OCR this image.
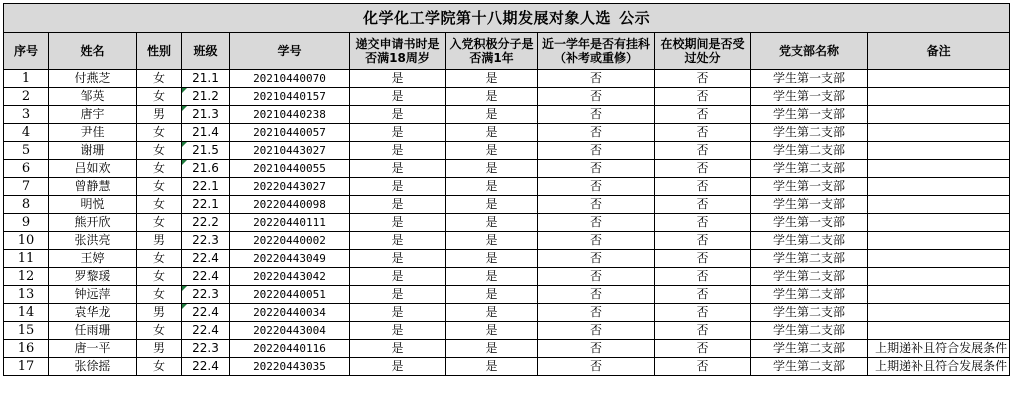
化学化工学院第十八期发展对象人选 公示										
序号	姓名	性别	班级	学号	递交申请书时是否满18周岁	入党积极分子是否满1年	近一学年是否有挂科（补考或重修）	在校期间是否受过处分	党支部名称	备注
1	付燕芝	女	21.1	20210440070	是	是	否	否	学生第一支部	
2	邹英	女	21.2	20210440157	是	是	否	否	学生第一支部	
3	唐宇	男	21.3	20210440238	是	是	否	否	学生第一支部	
4	尹佳	女	21.4	20210440057	是	是	否	否	学生第二支部	
5	谢珊	女	21.5	20210443027	是	是	否	否	学生第二支部	
6	吕如欢	女	21.6	20210440055	是	是	否	否	学生第二支部	
7	曾静慧	女	22.1	20220443027	是	是	否	否	学生第一支部	
8	明悦	女	22.1	20220440098	是	是	否	否	学生第一支部	
9	熊开欣	女	22.2	20220440111	是	是	否	否	学生第一支部	
10	张洪亮	男	22.3	20220440002	是	是	否	否	学生第二支部	
11	王婷	女	22.4	20220443049	是	是	否	否	学生第二支部	
12	罗黎瑗	女	22.4	20220443042	是	是	否	否	学生第二支部	
13	钟远萍	女	22.3	20220440051	是	是	否	否	学生第二支部	
14	袁华龙	男	22.4	20220440034	是	是	否	否	学生第二支部	
15	任雨珊	女	22.4	20220443004	是	是	否	否	学生第二支部	
16	唐一平	男	22.3	20220440116	是	是	否	否	学生第二支部	上期递补且符合发展条件
17	张徐摇	女	22.4	20220443035	是	是	否	否	学生第二支部	上期递补且符合发展条件
